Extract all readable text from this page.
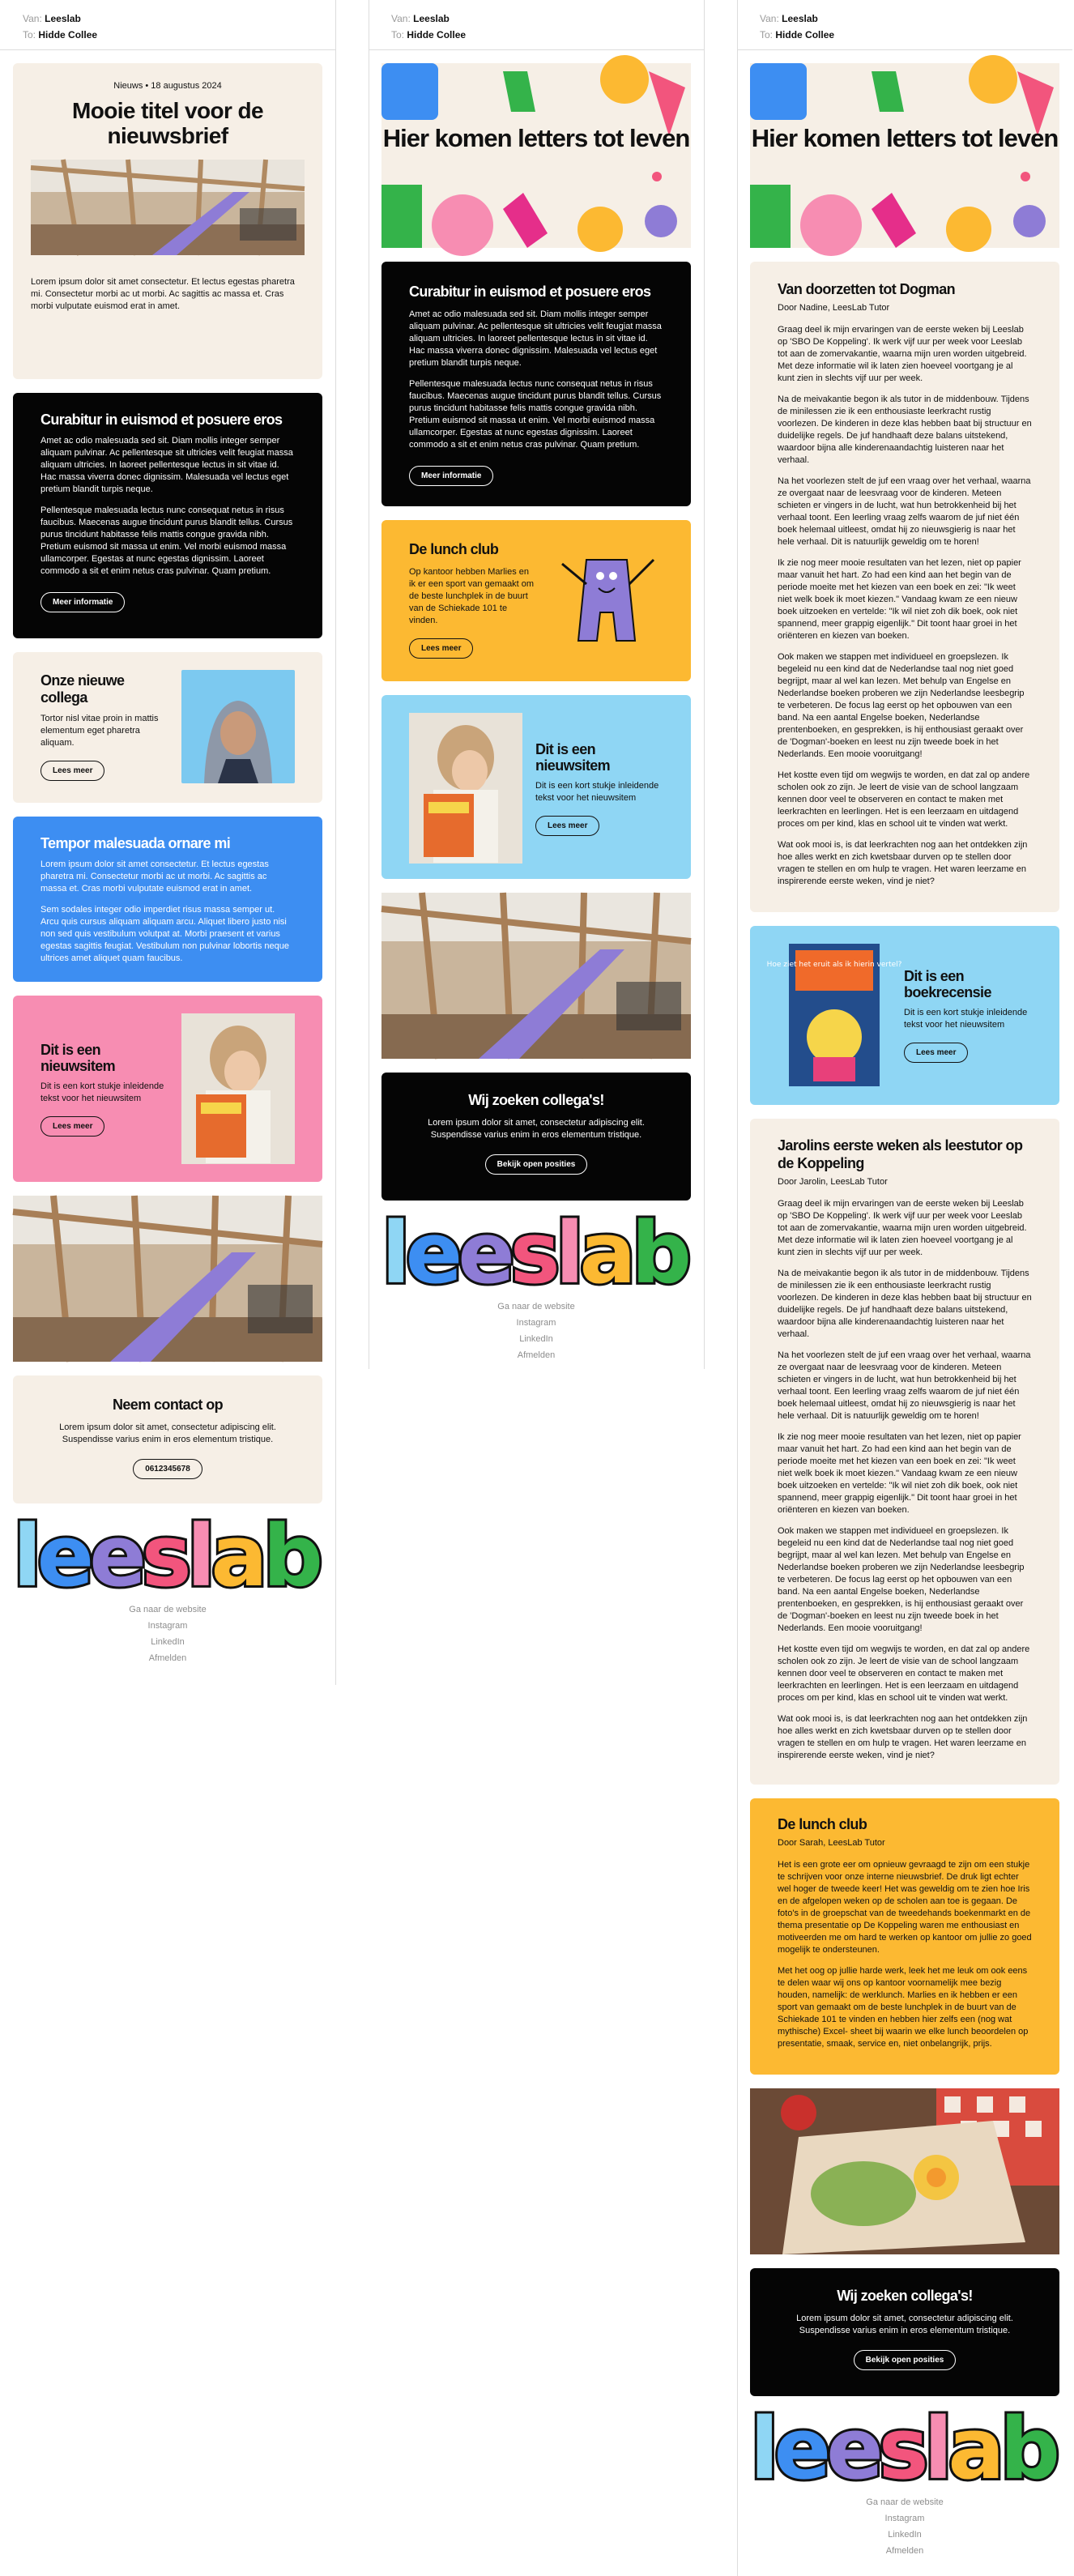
Van: Leeslab
To: Hidde Collee
Nieuws • 18 augustus 2024
Mooie titel voor de nieuwsbrief
Lorem ipsum dolor sit amet consectetur. Et lectus egestas pharetra mi. Consectetur morbi ac ut morbi. Ac sagittis ac massa et. Cras morbi vulputate euismod erat in amet.
Curabitur in euismod et posuere eros

Amet ac odio malesuada sed sit. Diam mollis integer semper aliquam pulvinar. Ac pellentesque sit ultricies velit feugiat massa aliquam ultricies. In laoreet pellentesque lectus in sit vitae id. Hac massa viverra donec dignissim. Malesuada vel lectus eget pretium blandit turpis neque.

Pellentesque malesuada lectus nunc consequat netus in risus faucibus. Maecenas augue tincidunt purus blandit tellus. Cursus purus tincidunt habitasse felis mattis congue gravida nibh. Pretium euismod sit massa ut enim. Vel morbi euismod massa ullamcorper. Egestas at nunc egestas dignissim. Laoreet commodo a sit et enim netus cras pulvinar. Quam pretium.

Meer informatie
Onze nieuwe collega
Tortor nisl vitae proin in mattis elementum eget pharetra aliquam.
Lees meer
Tempor malesuada ornare mi

Lorem ipsum dolor sit amet consectetur. Et lectus egestas pharetra mi. Consectetur morbi ac ut morbi. Ac sagittis ac massa et. Cras morbi vulputate euismod erat in amet.

Sem sodales integer odio imperdiet risus massa semper ut. Arcu quis cursus aliquam aliquam arcu. Aliquet libero justo nisi non sed quis vestibulum volutpat at. Morbi praesent et varius egestas sagittis feugiat. Vestibulum non pulvinar lobortis neque ultrices amet aliquet quam faucibus.

Dit is een nieuwsitem
Dit is een kort stukje inleidende tekst voor het nieuwsitem
Lees meer
Neem contact op
Lorem ipsum dolor sit amet, consectetur adipiscing elit. Suspendisse varius enim in eros elementum tristique.
0612345678
leeslab
Ga naar de website
Instagram
LinkedIn
Afmelden
Van: Leeslab
To: Hidde Collee
Hier komen letters tot leven
Curabitur in euismod et posuere eros

Amet ac odio malesuada sed sit. Diam mollis integer semper aliquam pulvinar. Ac pellentesque sit ultricies velit feugiat massa aliquam ultricies. In laoreet pellentesque lectus in sit vitae id. Hac massa viverra donec dignissim. Malesuada vel lectus eget pretium blandit turpis neque.

Pellentesque malesuada lectus nunc consequat netus in risus faucibus. Maecenas augue tincidunt purus blandit tellus. Cursus purus tincidunt habitasse felis mattis congue gravida nibh. Pretium euismod sit massa ut enim. Vel morbi euismod massa ullamcorper. Egestas at nunc egestas dignissim. Laoreet commodo a sit et enim netus cras pulvinar. Quam pretium.

Meer informatie
De lunch club
Op kantoor hebben Marlies en ik er een sport van gemaakt om de beste lunchplek in de buurt van de Schiekade 101 te vinden.
Lees meer
Dit is een nieuwsitem
Dit is een kort stukje inleidende tekst voor het nieuwsitem
Lees meer
Wij zoeken collega's!
Lorem ipsum dolor sit amet, consectetur adipiscing elit. Suspendisse varius enim in eros elementum tristique.
Bekijk open posities
leeslab
Ga naar de website
Instagram
LinkedIn
Afmelden
Van: Leeslab
To: Hidde Collee
Hier komen letters tot leven
Van doorzetten tot Dogman
Door Nadine, LeesLab Tutor

Graag deel ik mijn ervaringen van de eerste weken bij Leeslab op 'SBO De Koppeling'. Ik werk vijf uur per week voor Leeslab tot aan de zomervakantie, waarna mijn uren worden uitgebreid. Met deze informatie wil ik laten zien hoeveel voortgang je al kunt zien in slechts vijf uur per week.

Na de meivakantie begon ik als tutor in de middenbouw. Tijdens de minilessen zie ik een enthousiaste leerkracht rustig voorlezen. De kinderen in deze klas hebben baat bij structuur en duidelijke regels. De juf handhaaft deze balans uitstekend, waardoor bijna alle kinderenaandachtig luisteren naar het verhaal.

Na het voorlezen stelt de juf een vraag over het verhaal, waarna ze overgaat naar de leesvraag voor de kinderen. Meteen schieten er vingers in de lucht, wat hun betrokkenheid bij het verhaal toont. Een leerling vraag zelfs waarom de juf niet één boek helemaal uitleest, omdat hij zo nieuwsgierig is naar het hele verhaal. Dit is natuurlijk geweldig om te horen!

Ik zie nog meer mooie resultaten van het lezen, niet op papier maar vanuit het hart. Zo had een kind aan het begin van de periode moeite met het kiezen van een boek en zei: "Ik weet niet welk boek ik moet kiezen." Vandaag kwam ze een nieuw boek uitzoeken en vertelde: "Ik wil niet zoh dik boek, ook niet spannend, meer grappig eigenlijk." Dit toont haar groei in het oriënteren en kiezen van boeken.

Ook maken we stappen met individueel en groepslezen. Ik begeleid nu een kind dat de Nederlandse taal nog niet goed begrijpt, maar al wel kan lezen. Met behulp van Engelse en Nederlandse boeken proberen we zijn Nederlandse leesbegrip te verbeteren. De focus lag eerst op het opbouwen van een band. Na een aantal Engelse boeken, Nederlandse prentenboeken, en gesprekken, is hij enthousiast geraakt over de 'Dogman'-boeken en leest nu zijn tweede boek in het Nederlands. Een mooie vooruitgang!

Het kostte even tijd om wegwijs te worden, en dat zal op andere scholen ook zo zijn. Je leert de visie van de school langzaam kennen door veel te observeren en contact te maken met leerkrachten en leerlingen. Het is een leerzaam en uitdagend proces om per kind, klas en school uit te vinden wat werkt.

Wat ook mooi is, is dat leerkrachten nog aan het ontdekken zijn hoe alles werkt en zich kwetsbaar durven op te stellen door vragen te stellen en om hulp te vragen. Het waren leerzame en inspirerende eerste weken, vind je niet?

Hoe ziet het eruit als ik hierin vertel?
Dit is een boekrecensie
Dit is een kort stukje inleidende tekst voor het nieuwsitem
Lees meer
Jarolins eerste weken als leestutor op de Koppeling
Door Jarolin, LeesLab Tutor

Graag deel ik mijn ervaringen van de eerste weken bij Leeslab op 'SBO De Koppeling'. Ik werk vijf uur per week voor Leeslab tot aan de zomervakantie, waarna mijn uren worden uitgebreid. Met deze informatie wil ik laten zien hoeveel voortgang je al kunt zien in slechts vijf uur per week.

Na de meivakantie begon ik als tutor in de middenbouw. Tijdens de minilessen zie ik een enthousiaste leerkracht rustig voorlezen. De kinderen in deze klas hebben baat bij structuur en duidelijke regels. De juf handhaaft deze balans uitstekend, waardoor bijna alle kinderenaandachtig luisteren naar het verhaal.

Na het voorlezen stelt de juf een vraag over het verhaal, waarna ze overgaat naar de leesvraag voor de kinderen. Meteen schieten er vingers in de lucht, wat hun betrokkenheid bij het verhaal toont. Een leerling vraag zelfs waarom de juf niet één boek helemaal uitleest, omdat hij zo nieuwsgierig is naar het hele verhaal. Dit is natuurlijk geweldig om te horen!

Ik zie nog meer mooie resultaten van het lezen, niet op papier maar vanuit het hart. Zo had een kind aan het begin van de periode moeite met het kiezen van een boek en zei: "Ik weet niet welk boek ik moet kiezen." Vandaag kwam ze een nieuw boek uitzoeken en vertelde: "Ik wil niet zoh dik boek, ook niet spannend, meer grappig eigenlijk." Dit toont haar groei in het oriënteren en kiezen van boeken.

Ook maken we stappen met individueel en groepslezen. Ik begeleid nu een kind dat de Nederlandse taal nog niet goed begrijpt, maar al wel kan lezen. Met behulp van Engelse en Nederlandse boeken proberen we zijn Nederlandse leesbegrip te verbeteren. De focus lag eerst op het opbouwen van een band. Na een aantal Engelse boeken, Nederlandse prentenboeken, en gesprekken, is hij enthousiast geraakt over de 'Dogman'-boeken en leest nu zijn tweede boek in het Nederlands. Een mooie vooruitgang!

Het kostte even tijd om wegwijs te worden, en dat zal op andere scholen ook zo zijn. Je leert de visie van de school langzaam kennen door veel te observeren en contact te maken met leerkrachten en leerlingen. Het is een leerzaam en uitdagend proces om per kind, klas en school uit te vinden wat werkt.

Wat ook mooi is, is dat leerkrachten nog aan het ontdekken zijn hoe alles werkt en zich kwetsbaar durven op te stellen door vragen te stellen en om hulp te vragen. Het waren leerzame en inspirerende eerste weken, vind je niet?

De lunch club
Door Sarah, LeesLab Tutor

Het is een grote eer om opnieuw gevraagd te zijn om een stukje te schrijven voor onze interne nieuwsbrief. De druk ligt echter wel hoger de tweede keer! Het was geweldig om te zien hoe Iris en de afgelopen weken op de scholen aan toe is gegaan. De foto's in de groepschat van de tweedehands boekenmarkt en de thema presentatie op De Koppeling waren me enthousiast en motiveerden me om hard te werken op kantoor om jullie zo goed mogelijk te ondersteunen.

Met het oog op jullie harde werk, leek het me leuk om ook eens te delen waar wij ons op kantoor voornamelijk mee bezig houden, namelijk: de werklunch. Marlies en ik hebben er een sport van gemaakt om de beste lunchplek in de buurt van de Schiekade 101 te vinden en hebben hier zelfs een (nog wat mythische) Excel- sheet bij waarin we elke lunch beoordelen op presentatie, smaak, service en, niet onbelangrijk, prijs.

Wij zoeken collega's!
Lorem ipsum dolor sit amet, consectetur adipiscing elit. Suspendisse varius enim in eros elementum tristique.
Bekijk open posities
leeslab
Ga naar de website
Instagram
LinkedIn
Afmelden
